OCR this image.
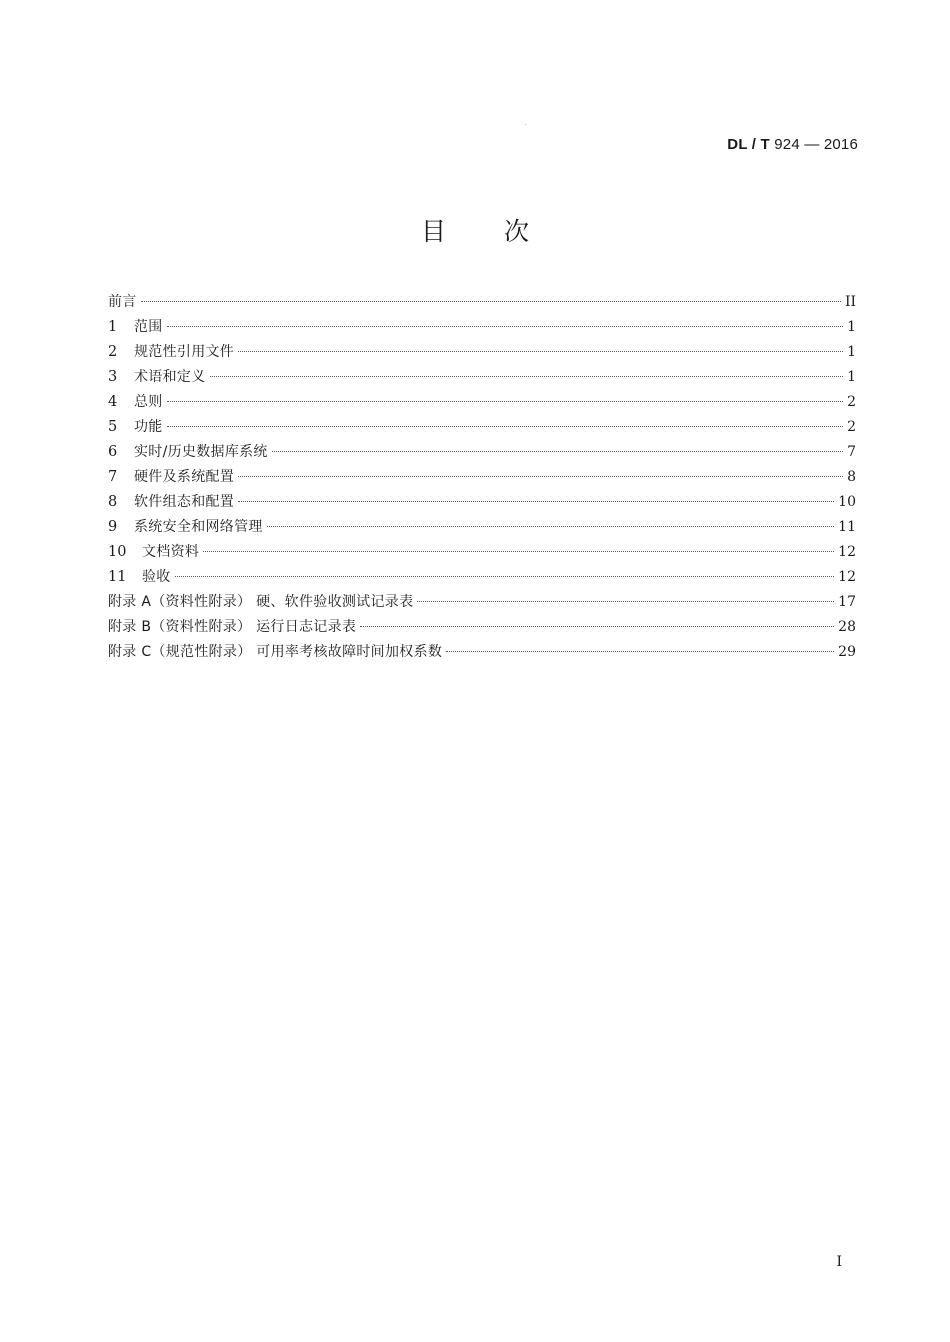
DL / T 924 — 2016
目 次
前言	II
1	范围	1
2	规范性引用文件	1
3	术语和定义	1
4	总则	2
5	功能	2
6	实时/历史数据库系统	7
7	硬件及系统配置	8
8	软件组态和配置	10
9	系统安全和网络管理	11
10	文档资料	12
11	验收	12
附录 A（资料性附录） 硬、软件验收测试记录表	17
附录 B（资料性附录） 运行日志记录表	28
附录 C（规范性附录） 可用率考核故障时间加权系数	29
I
